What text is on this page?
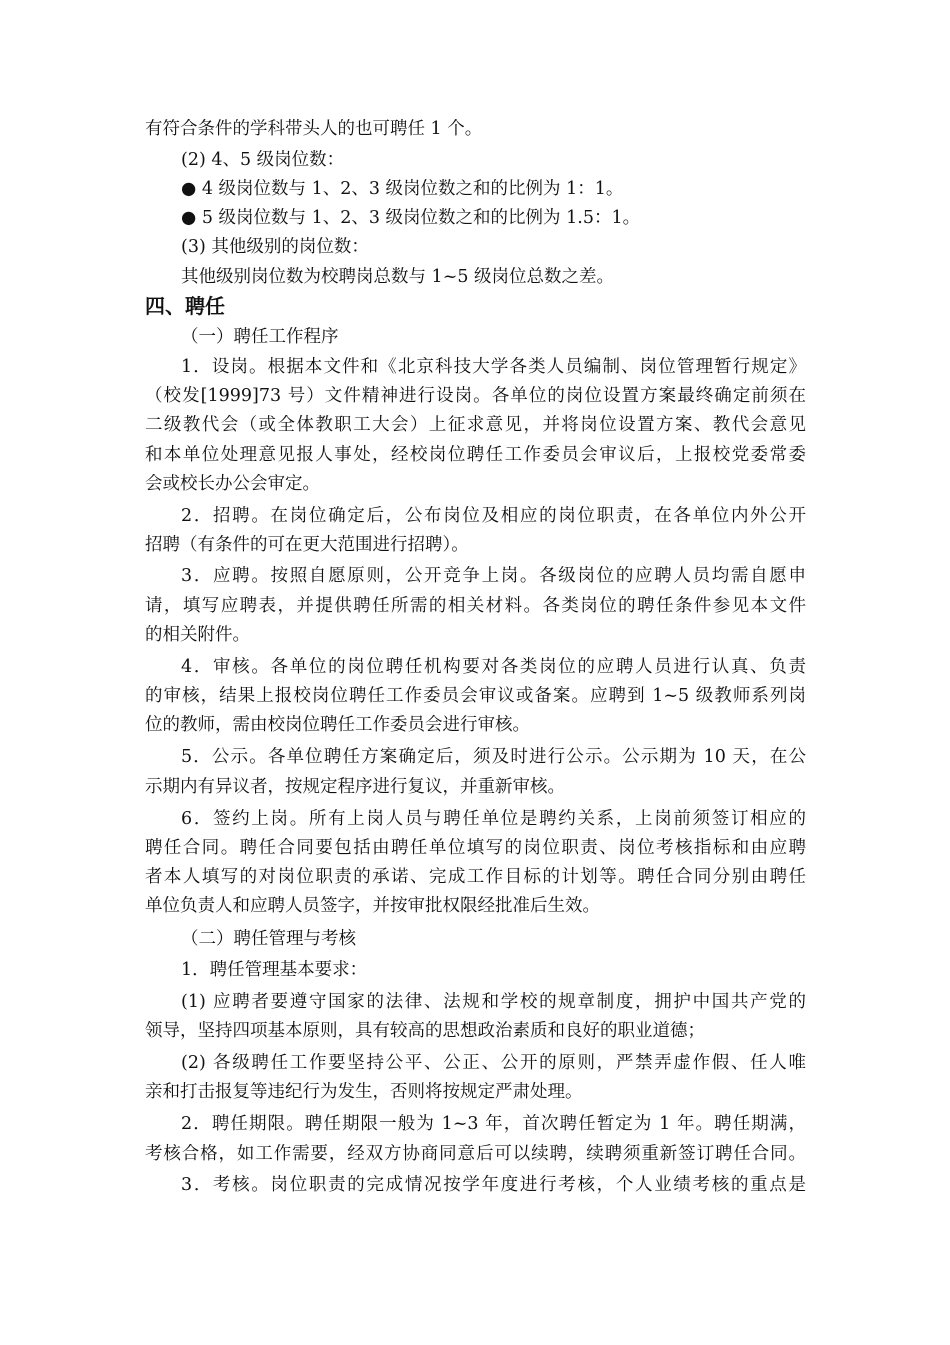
有符合条件的学科带头人的也可聘任 1 个。
(2) 4、5 级岗位数：
● 4 级岗位数与 1、2、3 级岗位数之和的比例为 1：1。
● 5 级岗位数与 1、2、3 级岗位数之和的比例为 1.5：1。
(3) 其他级别的岗位数：
其他级别岗位数为校聘岗总数与 1~5 级岗位总数之差。
四、聘任
（一）聘任工作程序
1．设岗。根据本文件和《北京科技大学各类人员编制、岗位管理暂行规定》
（校发[1999]73 号）文件精神进行设岗。各单位的岗位设置方案最终确定前须在
二级教代会（或全体教职工大会）上征求意见，并将岗位设置方案、教代会意见
和本单位处理意见报人事处，经校岗位聘任工作委员会审议后，上报校党委常委
会或校长办公会审定。
2．招聘。在岗位确定后，公布岗位及相应的岗位职责，在各单位内外公开
招聘（有条件的可在更大范围进行招聘）。
3．应聘。按照自愿原则，公开竞争上岗。各级岗位的应聘人员均需自愿申
请，填写应聘表，并提供聘任所需的相关材料。各类岗位的聘任条件参见本文件
的相关附件。
4．审核。各单位的岗位聘任机构要对各类岗位的应聘人员进行认真、负责
的审核，结果上报校岗位聘任工作委员会审议或备案。应聘到 1~5 级教师系列岗
位的教师，需由校岗位聘任工作委员会进行审核。
5．公示。各单位聘任方案确定后，须及时进行公示。公示期为 10 天，在公
示期内有异议者，按规定程序进行复议，并重新审核。
6．签约上岗。所有上岗人员与聘任单位是聘约关系，上岗前须签订相应的
聘任合同。聘任合同要包括由聘任单位填写的岗位职责、岗位考核指标和由应聘
者本人填写的对岗位职责的承诺、完成工作目标的计划等。聘任合同分别由聘任
单位负责人和应聘人员签字，并按审批权限经批准后生效。
（二）聘任管理与考核
1．聘任管理基本要求：
(1) 应聘者要遵守国家的法律、法规和学校的规章制度，拥护中国共产党的
领导，坚持四项基本原则，具有较高的思想政治素质和良好的职业道德；
(2) 各级聘任工作要坚持公平、公正、公开的原则，严禁弄虚作假、任人唯
亲和打击报复等违纪行为发生，否则将按规定严肃处理。
2．聘任期限。聘任期限一般为 1~3 年，首次聘任暂定为 1 年。聘任期满，
考核合格，如工作需要，经双方协商同意后可以续聘，续聘须重新签订聘任合同。
3．考核。岗位职责的完成情况按学年度进行考核，个人业绩考核的重点是
